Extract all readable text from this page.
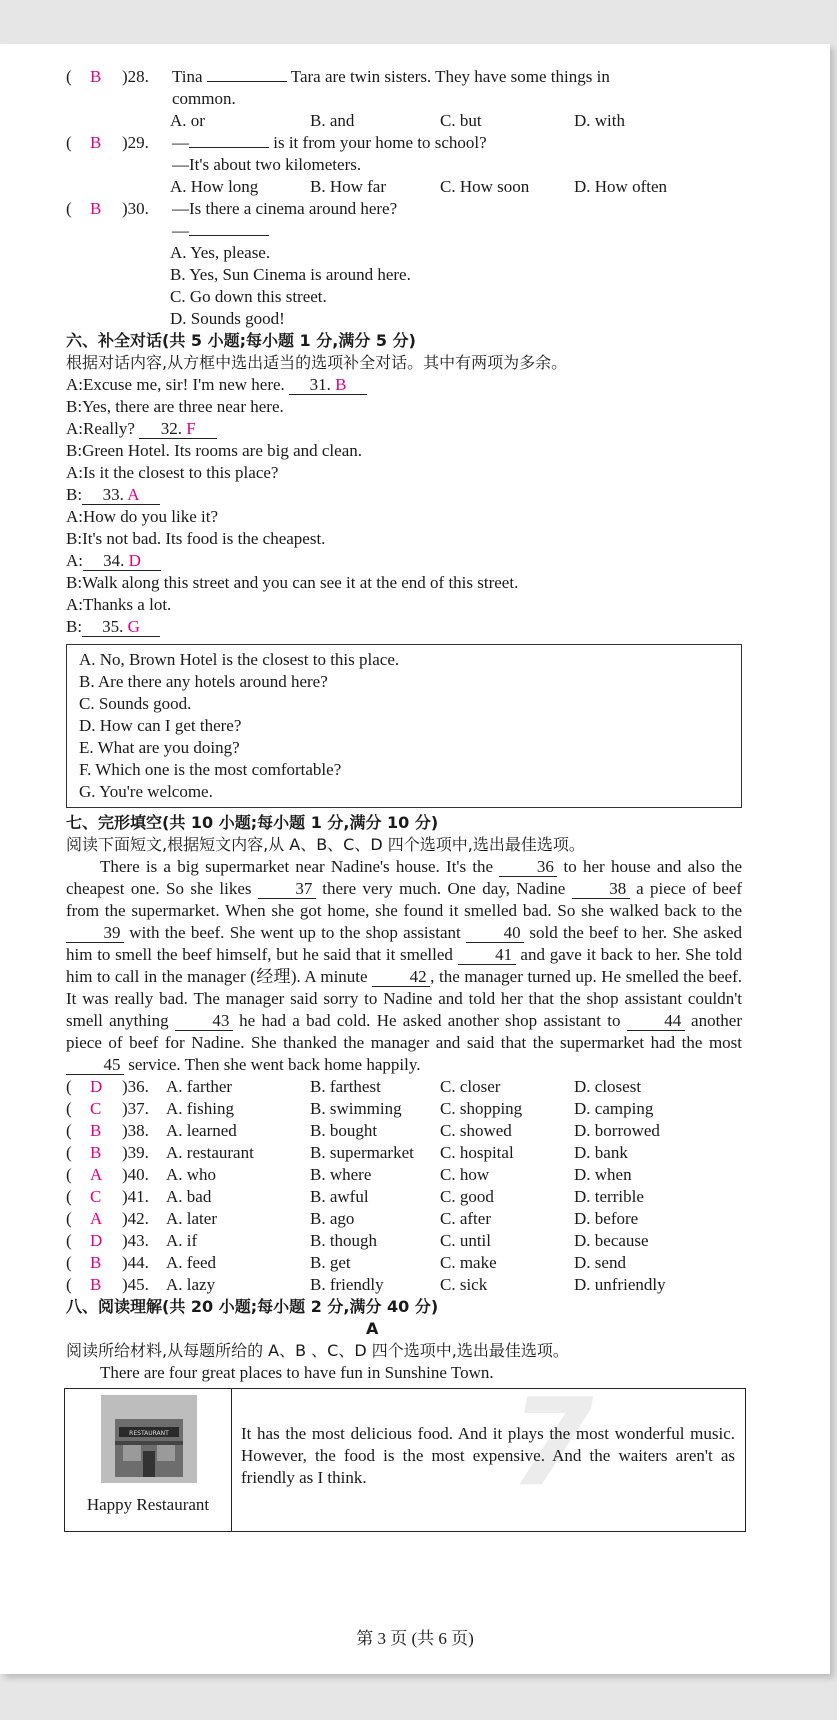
7
( B )28. Tina	Tara are twin sisters. They have some things in
common.
A. or	B. and	C. but	D. with
( B )29. —	is it from your home to school?
—It's about two kilometers.
A. How long	B. How far	C. How soon	D. How often
( B )30. —Is there a cinema around here?
—
A. Yes, please.
B. Yes, Sun Cinema is around here.
C. Go down this street.
D. Sounds good!
六、补全对话(共 5 小题;每小题 1 分,满分 5 分)
根据对话内容,从方框中选出适当的选项补全对话。其中有两项为多余。
A:Excuse me, sir! I'm new here. 31. B
B:Yes, there are three near here.
A:Really? 32. F
B:Green Hotel. Its rooms are big and clean.
A:Is it the closest to this place?
B: 33. A
A:How do you like it?
B:It's not bad. Its food is the cheapest.
A: 34. D
B:Walk along this street and you can see it at the end of this street.
A:Thanks a lot.
B: 35. G
A. No, Brown Hotel is the closest to this place.
B. Are there any hotels around here?
C. Sounds good.
D. How can I get there?
E. What are you doing?
F. Which one is the most comfortable?
G. You're welcome.
七、完形填空(共 10 小题;每小题 1 分,满分 10 分)
阅读下面短文,根据短文内容,从 A、B、C、D 四个选项中,选出最佳选项。

There is a big supermarket near Nadine's house. It's the 36 to her house and also the cheapest one. So she likes 37 there very much. One day, Nadine 38 a piece of beef from the supermarket. When she got home, she found it smelled bad. So she walked back to the 39 with the beef. She went up to the shop assistant 40 sold the beef to her. She asked him to smell the beef himself, but he said that it smelled 41 and gave it back to her. She told him to call in the manager (经理). A minute 42 , the manager turned up. He smelled the beef. It was really bad. The manager said sorry to Nadine and told her that the shop assistant couldn't smell anything 43 he had a bad cold. He asked another shop assistant to 44 another piece of beef for Nadine. She thanked the manager and said that the supermarket had the most 45 service. Then she went back home happily.

( D )36. A. farther	B. farthest	C. closer	D. closest
( C )37. A. fishing	B. swimming C. shopping	D. camping
( B )38. A. learned	B. bought	C. showed	D. borrowed
( B )39. A. restaurant	B. supermarket C. hospital	D. bank
( A )40. A. who	B. where	C. how	D. when
( C )41. A. bad	B. awful	C. good	D. terrible
( A )42. A. later	B. ago	C. after	D. before
( D )43. A. if	B. though	C. until	D. because
( B )44. A. feed	B. get	C. make	D. send
( B )45. A. lazy	B. friendly	C. sick	D. unfriendly
八、阅读理解(共 20 小题;每小题 2 分,满分 40 分)
A
阅读所给材料,从每题所给的 A、B 、C、D 四个选项中,选出最佳选项。
There are four great places to have fun in Sunshine Town.
RESTAURANT
Happy Restaurant
It has the most delicious food. And it plays the most wonderful music. However, the food is the most expensive. And the waiters aren't as friendly as I think.
第 3 页 (共 6 页)
